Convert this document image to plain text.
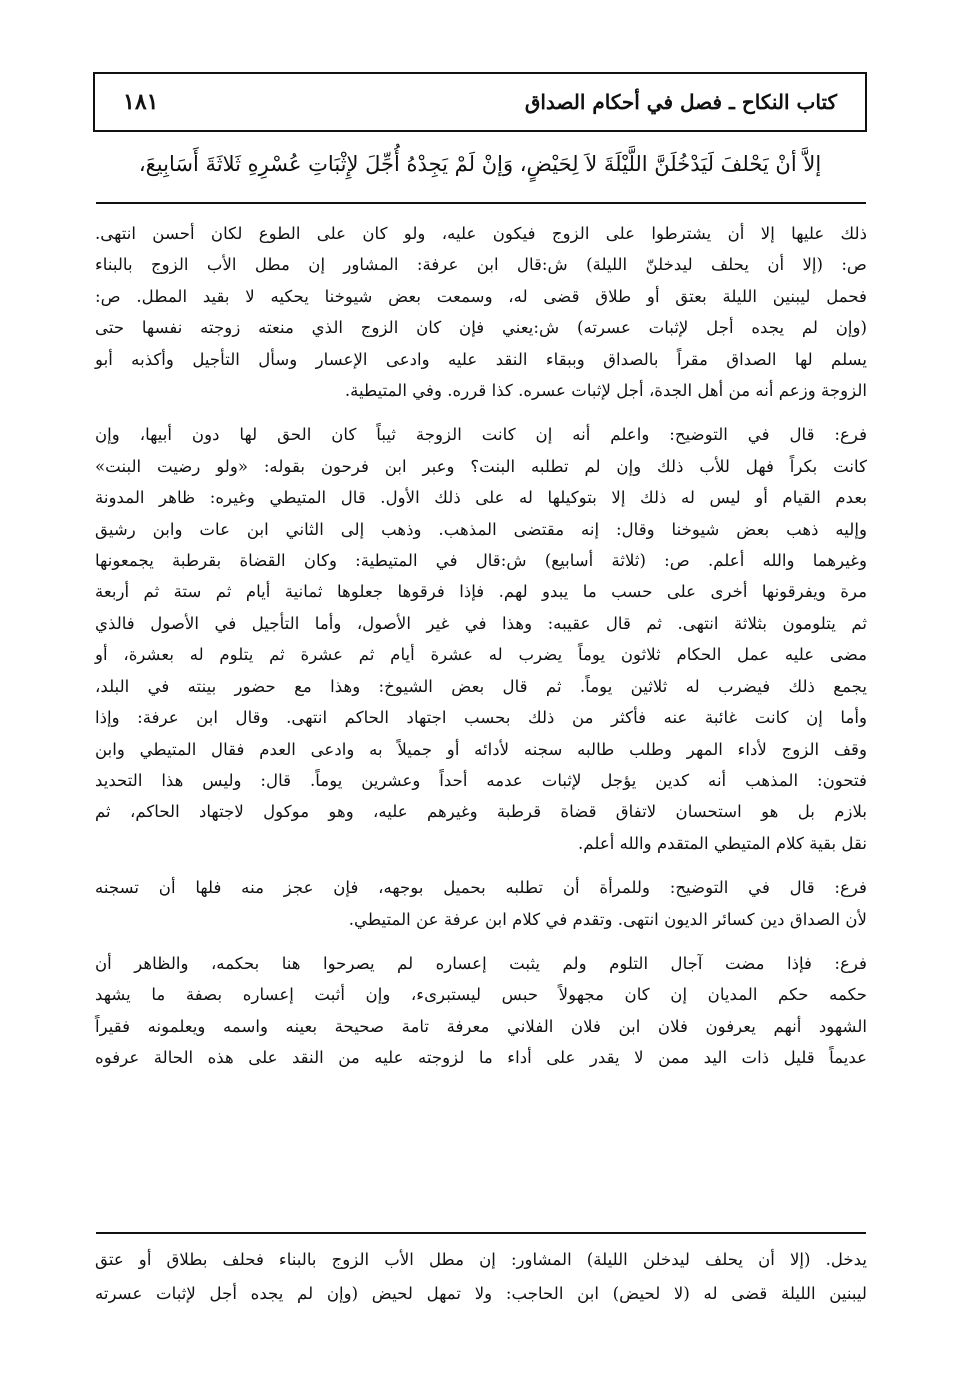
١٨١	كتاب النكاح ـ فصل في أحكام الصداق
إلاَّ أنْ يَحْلفَ لَيَدْخُلَنَّ اللَّيْلَةَ لاَ لِحَيْضٍ، وَإنْ لَمْ يَجِدْهُ أُجِّلَ لإِثْبَاتِ عُسْرِهِ ثَلاثَةَ أَسَابِيعَ،

ذلك عليها إلا أن يشترطوا على الزوج فيكون عليه، ولو كان على الطوع لكان أحسن انتهى.
ص: (إلا أن يحلف ليدخلنّ الليلة) ش:قال ابن عرفة: المشاور إن مطل الأب الزوج بالبناء
فحمل ليبنين الليلة بعتق أو طلاق قضى له، وسمعت بعض شيوخنا يحكيه لا بقيد المطل. ص:
(وإن لم يجده أجل لإثبات عسرته) ش:يعني فإن كان الزوج الذي منعته زوجته نفسها حتى
يسلم لها الصداق مقراً بالصداق وببقاء النقد عليه وادعى الإعسار وسأل التأجيل وأكذبه أبو
الزوجة وزعم أنه من أهل الجدة، أجل لإثبات عسره. كذا قرره. وفي المتيطية.

فرع: قال في التوضيح: واعلم أنه إن كانت الزوجة ثيباً كان الحق لها دون أبيها، وإن
كانت بكراً فهل للأب ذلك وإن لم تطلبه البنت؟ وعبر ابن فرحون بقوله: «ولو رضيت البنت»
بعدم القيام أو ليس له ذلك إلا بتوكيلها له على ذلك الأول. قال المتيطي وغيره: ظاهر المدونة
وإليه ذهب بعض شيوخنا وقال: إنه مقتضى المذهب. وذهب إلى الثاني ابن عات وابن رشيق
وغيرهما والله أعلم. ص: (ثلاثة أسابيع) ش:قال في المتيطية: وكان القضاة بقرطبة يجمعونها
مرة ويفرقونها أخرى على حسب ما يبدو لهم. فإذا فرقوها جعلوها ثمانية أيام ثم ستة ثم أربعة
ثم يتلومون بثلاثة انتهى. ثم قال عقيبه: وهذا في غير الأصول، وأما التأجيل في الأصول فالذي
مضى عليه عمل الحكام ثلاثون يوماً يضرب له عشرة أيام ثم عشرة ثم يتلوم له بعشرة، أو
يجمع ذلك فيضرب له ثلاثين يوماً. ثم قال بعض الشيوخ: وهذا مع حضور بينته في البلد،
وأما إن كانت غائبة عنه فأكثر من ذلك بحسب اجتهاد الحاكم انتهى. وقال ابن عرفة: وإذا
وقف الزوج لأداء المهر وطلب طالبه سجنه لأدائه أو جميلاً به وادعى العدم فقال المتيطي وابن
فتحون: المذهب أنه كدين يؤجل لإثبات عدمه أحداً وعشرين يوماً. قال: وليس هذا التحديد
بلازم بل هو استحسان لاتفاق قضاة قرطبة وغيرهم عليه، وهو موكول لاجتهاد الحاكم، ثم
نقل بقية كلام المتيطي المتقدم والله أعلم.

فرع: قال في التوضيح: وللمرأة أن تطلبه بحميل بوجهه، فإن عجز منه فلها أن تسجنه
لأن الصداق دين كسائر الديون انتهى. وتقدم في كلام ابن عرفة عن المتيطي.

فرع: فإذا مضت آجال التلوم ولم يثبت إعساره لم يصرحوا هنا بحكمه، والظاهر أن
حكمه حكم المديان إن كان مجهولاً حبس ليستبرىء، وإن أثبت إعساره بصفة ما يشهد
الشهود أنهم يعرفون فلان ابن فلان الفلاني معرفة تامة صحيحة بعينه واسمه ويعلمونه فقيراً
عديماً قليل ذات اليد ممن لا يقدر على أداء ما لزوجته عليه من النقد على هذه الحالة عرفوه

يدخل. (إلا أن يحلف ليدخلن الليلة) المشاور: إن مطل الأب الزوج بالبناء فحلف بطلاق أو عتق
ليبنين الليلة قضى له (لا لحيض) ابن الحاجب: ولا تمهل لحيض (وإن لم يجده أجل لإثبات عسرته
